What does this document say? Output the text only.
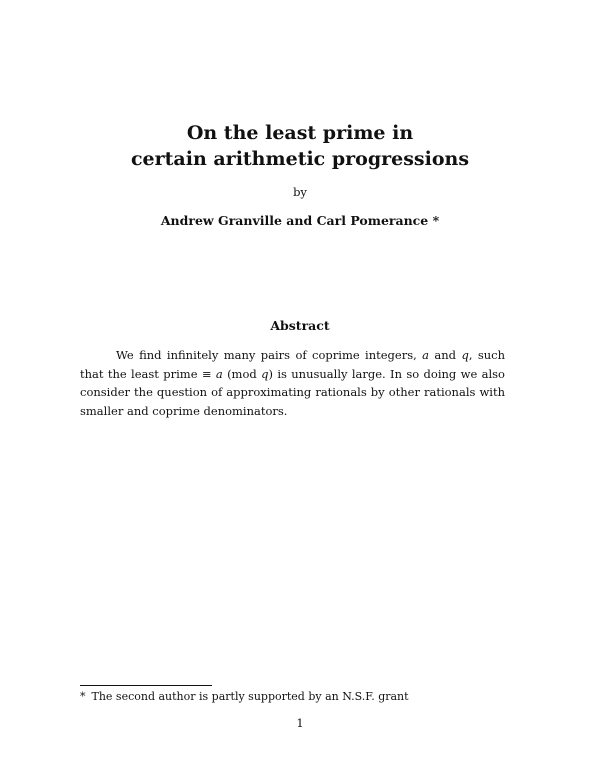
On the least prime in
certain arithmetic progressions
by
Andrew Granville and Carl Pomerance *
Abstract
We find infinitely many pairs of coprime integers, a and q, such that the least prime ≡ a (mod q) is unusually large. In so doing we also consider the question of approximating rationals by other rationals with smaller and coprime denominators.
* The second author is partly supported by an N.S.F. grant
1
